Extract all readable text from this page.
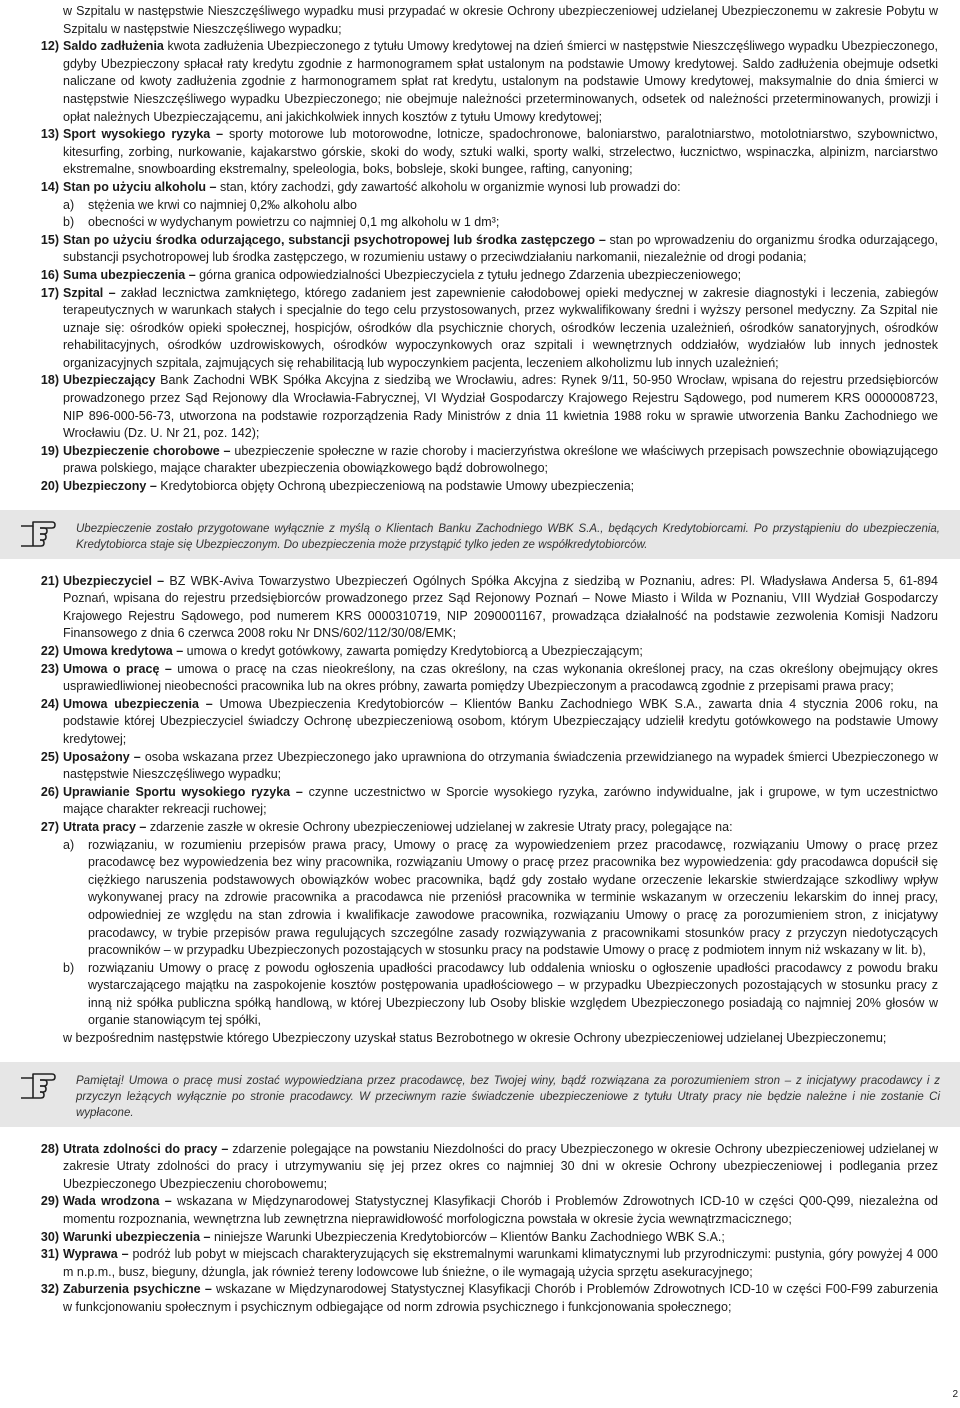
w Szpitalu w następstwie Nieszczęśliwego wypadku musi przypadać w okresie Ochrony ubezpieczeniowej udzielanej Ubezpieczonemu w zakresie Pobytu w Szpitalu w następstwie Nieszczęśliwego wypadku;
12) Saldo zadłużenia kwota zadłużenia Ubezpieczonego z tytułu Umowy kredytowej na dzień śmierci w następstwie Nieszczęśliwego wypadku Ubezpieczonego, gdyby Ubezpieczony spłacał raty kredytu zgodnie z harmonogramem spłat ustalonym na podstawie Umowy kredytowej. Saldo zadłużenia obejmuje odsetki naliczane od kwoty zadłużenia zgodnie z harmonogramem spłat rat kredytu, ustalonym na podstawie Umowy kredytowej, maksymalnie do dnia śmierci w następstwie Nieszczęśliwego wypadku Ubezpieczonego; nie obejmuje należności przeterminowanych, odsetek od należności przeterminowanych, prowizji i opłat należnych Ubezpieczającemu, ani jakichkolwiek innych kosztów z tytułu Umowy kredytowej;
13) Sport wysokiego ryzyka – sporty motorowe lub motorowodne, lotnicze, spadochronowe, baloniarstwo, paralotniarstwo, motolotniarstwo, szybownictwo, kitesurfing, zorbing, nurkowanie, kajakarstwo górskie, skoki do wody, sztuki walki, sporty walki, strzelectwo, łucznictwo, wspinaczka, alpinizm, narciarstwo ekstremalne, snowboarding ekstremalny, speleologia, boks, bobsleje, skoki bungee, rafting, canyoning;
14) Stan po użyciu alkoholu – stan, który zachodzi, gdy zawartość alkoholu w organizmie wynosi lub prowadzi do:
a)	stężenia we krwi co najmniej 0,2‰ alkoholu albo
b)	obecności w wydychanym powietrzu co najmniej 0,1 mg alkoholu w 1 dm³;
15) Stan po użyciu środka odurzającego, substancji psychotropowej lub środka zastępczego – stan po wprowadzeniu do organizmu środka odurzającego, substancji psychotropowej lub środka zastępczego, w rozumieniu ustawy o przeciwdziałaniu narkomanii, niezależnie od drogi podania;
16) Suma ubezpieczenia – górna granica odpowiedzialności Ubezpieczyciela z tytułu jednego Zdarzenia ubezpieczeniowego;
17) Szpital – zakład lecznictwa zamkniętego, którego zadaniem jest zapewnienie całodobowej opieki medycznej w zakresie diagnostyki i leczenia, zabiegów terapeutycznych w warunkach stałych i specjalnie do tego celu przystosowanych, przez wykwalifikowany średni i wyższy personel medyczny. Za Szpital nie uznaje się: ośrodków opieki społecznej, hospicjów, ośrodków dla psychicznie chorych, ośrodków leczenia uzależnień, ośrodków sanatoryjnych, ośrodków rehabilitacyjnych, ośrodków uzdrowiskowych, ośrodków wypoczynkowych oraz szpitali i wewnętrznych oddziałów, wydziałów lub innych jednostek organizacyjnych szpitala, zajmujących się rehabilitacją lub wypoczynkiem pacjenta, leczeniem alkoholizmu lub innych uzależnień;
18) Ubezpieczający Bank Zachodni WBK Spółka Akcyjna z siedzibą we Wrocławiu, adres: Rynek 9/11, 50-950 Wrocław, wpisana do rejestru przedsiębiorców prowadzonego przez Sąd Rejonowy dla Wrocławia-Fabrycznej, VI Wydział Gospodarczy Krajowego Rejestru Sądowego, pod numerem KRS 0000008723, NIP 896-000-56-73, utworzona na podstawie rozporządzenia Rady Ministrów z dnia 11 kwietnia 1988 roku w sprawie utworzenia Banku Zachodniego we Wrocławiu (Dz. U. Nr 21, poz. 142);
19) Ubezpieczenie chorobowe – ubezpieczenie społeczne w razie choroby i macierzyństwa określone we właściwych przepisach powszechnie obowiązującego prawa polskiego, mające charakter ubezpieczenia obowiązkowego bądź dobrowolnego;
20) Ubezpieczony – Kredytobiorca objęty Ochroną ubezpieczeniową na podstawie Umowy ubezpieczenia;
Ubezpieczenie zostało przygotowane wyłącznie z myślą o Klientach Banku Zachodniego WBK S.A., będących Kredytobiorcami. Po przystąpieniu do ubezpieczenia, Kredytobiorca staje się Ubezpieczonym. Do ubezpieczenia może przystąpić tylko jeden ze współkredytobiorców.
21) Ubezpieczyciel – BZ WBK-Aviva Towarzystwo Ubezpieczeń Ogólnych Spółka Akcyjna z siedzibą w Poznaniu, adres: Pl. Władysława Andersa 5, 61-894 Poznań, wpisana do rejestru przedsiębiorców prowadzonego przez Sąd Rejonowy Poznań – Nowe Miasto i Wilda w Poznaniu, VIII Wydział Gospodarczy Krajowego Rejestru Sądowego, pod numerem KRS 0000310719, NIP 2090001167, prowadząca działalność na podstawie zezwolenia Komisji Nadzoru Finansowego z dnia 6 czerwca 2008 roku Nr DNS/602/112/30/08/EMK;
22) Umowa kredytowa – umowa o kredyt gotówkowy, zawarta pomiędzy Kredytobiorcą a Ubezpieczającym;
23) Umowa o pracę – umowa o pracę na czas nieokreślony, na czas określony, na czas wykonania określonej pracy, na czas określony obejmujący okres usprawiedliwionej nieobecności pracownika lub na okres próbny, zawarta pomiędzy Ubezpieczonym a pracodawcą zgodnie z przepisami prawa pracy;
24) Umowa ubezpieczenia – Umowa Ubezpieczenia Kredytobiorców – Klientów Banku Zachodniego WBK S.A., zawarta dnia 4 stycznia 2006 roku, na podstawie której Ubezpieczyciel świadczy Ochronę ubezpieczeniową osobom, którym Ubezpieczający udzielił kredytu gotówkowego na podstawie Umowy kredytowej;
25) Uposażony – osoba wskazana przez Ubezpieczonego jako uprawniona do otrzymania świadczenia przewidzianego na wypadek śmierci Ubezpieczonego w następstwie Nieszczęśliwego wypadku;
26) Uprawianie Sportu wysokiego ryzyka – czynne uczestnictwo w Sporcie wysokiego ryzyka, zarówno indywidualne, jak i grupowe, w tym uczestnictwo mające charakter rekreacji ruchowej;
27) Utrata pracy – zdarzenie zaszłe w okresie Ochrony ubezpieczeniowej udzielanej w zakresie Utraty pracy, polegające na:
a)	rozwiązaniu, w rozumieniu przepisów prawa pracy, Umowy o pracę za wypowiedzeniem przez pracodawcę, rozwiązaniu Umowy o pracę przez pracodawcę bez wypowiedzenia bez winy pracownika, rozwiązaniu Umowy o pracę przez pracownika bez wypowiedzenia: gdy pracodawca dopuścił się ciężkiego naruszenia podstawowych obowiązków wobec pracownika, bądź gdy zostało wydane orzeczenie lekarskie stwierdzające szkodliwy wpływ wykonywanej pracy na zdrowie pracownika a pracodawca nie przeniósł pracownika w terminie wskazanym w orzeczeniu lekarskim do innej pracy, odpowiedniej ze względu na stan zdrowia i kwalifikacje zawodowe pracownika, rozwiązaniu Umowy o pracę za porozumieniem stron, z inicjatywy pracodawcy, w trybie przepisów prawa regulujących szczególne zasady rozwiązywania z pracownikami stosunków pracy z przyczyn niedotyczących pracowników – w przypadku Ubezpieczonych pozostających w stosunku pracy na podstawie Umowy o pracę z podmiotem innym niż wskazany w lit. b),
b)	rozwiązaniu Umowy o pracę z powodu ogłoszenia upadłości pracodawcy lub oddalenia wniosku o ogłoszenie upadłości pracodawcy z powodu braku wystarczającego majątku na zaspokojenie kosztów postępowania upadłościowego – w przypadku Ubezpieczonych pozostających w stosunku pracy z inną niż spółka publiczna spółką handlową, w której Ubezpieczony lub Osoby bliskie względem Ubezpieczonego posiadają co najmniej 20% głosów w organie stanowiącym tej spółki,
w bezpośrednim następstwie którego Ubezpieczony uzyskał status Bezrobotnego w okresie Ochrony ubezpieczeniowej udzielanej Ubezpieczonemu;
Pamiętaj! Umowa o pracę musi zostać wypowiedziana przez pracodawcę, bez Twojej winy, bądź rozwiązana za porozumieniem stron – z inicjatywy pracodawcy i z przyczyn leżących wyłącznie po stronie pracodawcy. W przeciwnym razie świadczenie ubezpieczeniowe z tytułu Utraty pracy nie będzie należne i nie zostanie Ci wypłacone.
28) Utrata zdolności do pracy – zdarzenie polegające na powstaniu Niezdolności do pracy Ubezpieczonego w okresie Ochrony ubezpieczeniowej udzielanej w zakresie Utraty zdolności do pracy i utrzymywaniu się jej przez okres co najmniej 30 dni w okresie Ochrony ubezpieczeniowej i podlegania przez Ubezpieczonego Ubezpieczeniu chorobowemu;
29) Wada wrodzona – wskazana w Międzynarodowej Statystycznej Klasyfikacji Chorób i Problemów Zdrowotnych ICD-10 w części Q00-Q99, niezależna od momentu rozpoznania, wewnętrzna lub zewnętrzna nieprawidłowość morfologiczna powstała w okresie życia wewnątrzmacicznego;
30) Warunki ubezpieczenia – niniejsze Warunki Ubezpieczenia Kredytobiorców – Klientów Banku Zachodniego WBK S.A.;
31) Wyprawa – podróż lub pobyt w miejscach charakteryzujących się ekstremalnymi warunkami klimatycznymi lub przyrodniczymi: pustynia, góry powyżej 4 000 m n.p.m., busz, bieguny, dżungla, jak również tereny lodowcowe lub śnieżne, o ile wymagają użycia sprzętu asekuracyjnego;
32) Zaburzenia psychiczne – wskazane w Międzynarodowej Statystycznej Klasyfikacji Chorób i Problemów Zdrowotnych ICD-10 w części F00-F99 zaburzenia w funkcjonowaniu społecznym i psychicznym odbiegające od norm zdrowia psychicznego i funkcjonowania społecznego;
2
